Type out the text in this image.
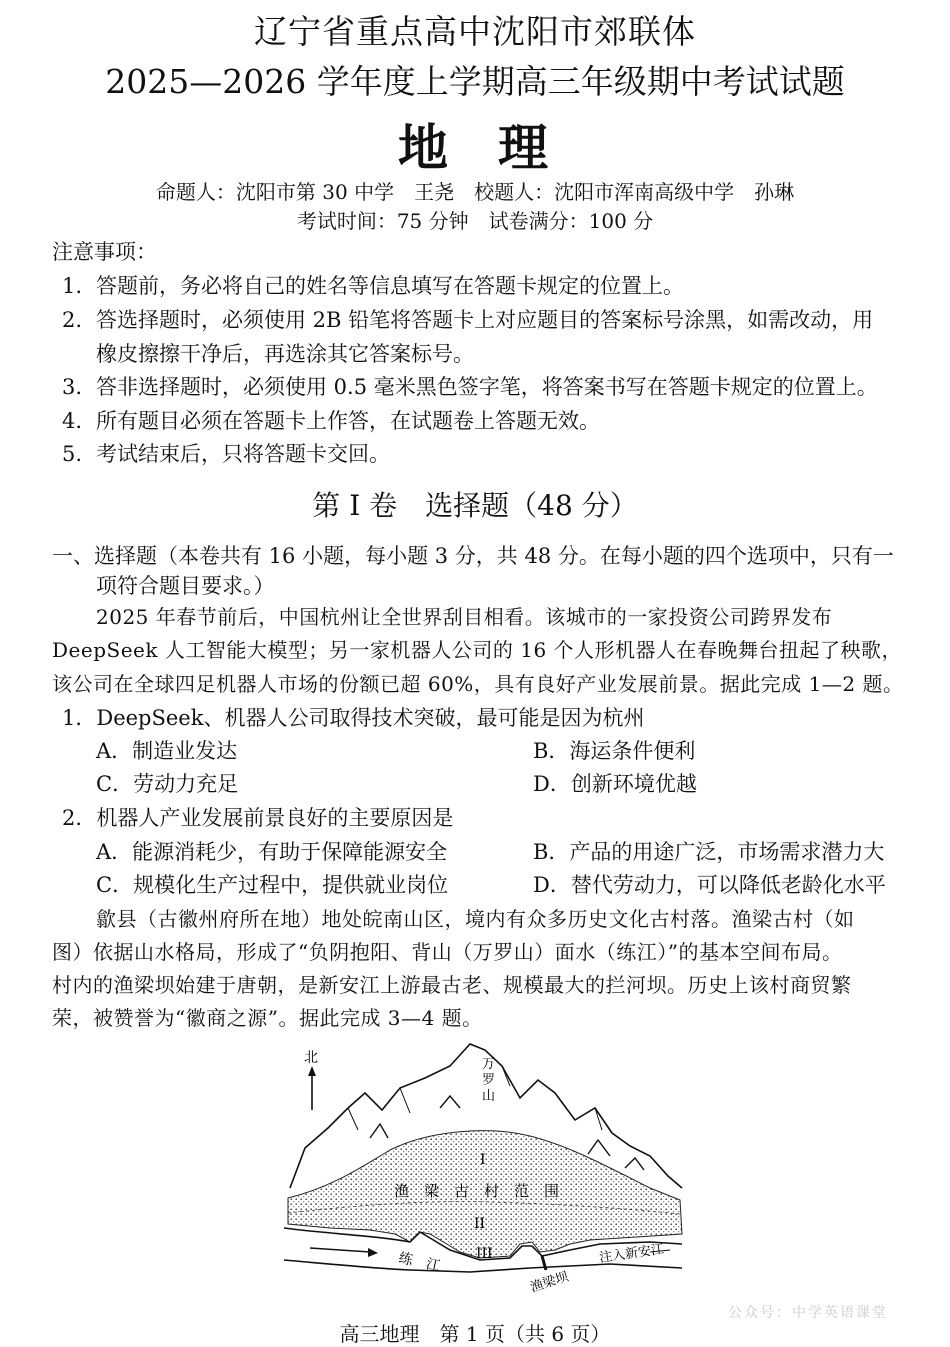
辽宁省重点高中沈阳市郊联体
2025—2026 学年度上学期高三年级期中考试试题
地 理
命题人：沈阳市第 30 中学　王尧　校题人：沈阳市浑南高级中学　孙琳
考试时间：75 分钟　试卷满分：100 分
注意事项：
1. 答题前，务必将自己的姓名等信息填写在答题卡规定的位置上。
2. 答选择题时，必须使用 2B 铅笔将答题卡上对应题目的答案标号涂黑，如需改动，用
橡皮擦擦干净后，再选涂其它答案标号。
3. 答非选择题时，必须使用 0.5 毫米黑色签字笔，将答案书写在答题卡规定的位置上。
4. 所有题目必须在答题卡上作答，在试题卷上答题无效。
5. 考试结束后，只将答题卡交回。
第 I 卷　选择题（48 分）
一、选择题（本卷共有 16 小题，每小题 3 分，共 48 分。在每小题的四个选项中，只有一
项符合题目要求。）
2025 年春节前后，中国杭州让全世界刮目相看。该城市的一家投资公司跨界发布
DeepSeek 人工智能大模型；另一家机器人公司的 16 个人形机器人在春晚舞台扭起了秧歌，
该公司在全球四足机器人市场的份额已超 60%，具有良好产业发展前景。据此完成 1—2 题。
1．DeepSeek、机器人公司取得技术突破，最可能是因为杭州
A．制造业发达	B．海运条件便利
C．劳动力充足	D．创新环境优越
2．机器人产业发展前景良好的主要原因是
A．能源消耗少，有助于保障能源安全	B．产品的用途广泛，市场需求潜力大
C．规模化生产过程中，提供就业岗位	D．替代劳动力，可以降低老龄化水平
歙县（古徽州府所在地）地处皖南山区，境内有众多历史文化古村落。渔梁古村（如
图）依据山水格局，形成了“负阴抱阳、背山（万罗山）面水（练江）”的基本空间布局。
村内的渔梁坝始建于唐朝，是新安江上游最古老、规模最大的拦河坝。历史上该村商贸繁
荣，被赞誉为“徽商之源”。据此完成 3—4 题。
北	万
罗
山
I
渔　梁　古　村　范　围
II
III
练　江
渔梁坝
注入新安江
公众号：中学英语课堂
高三地理　第 1 页（共 6 页）
